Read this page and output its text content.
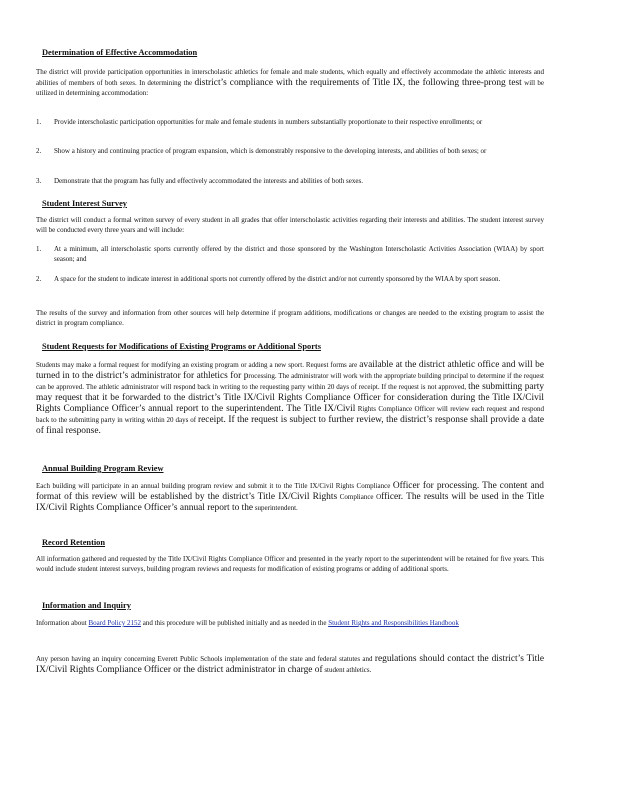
Determination of Effective Accommodation
The district will provide participation opportunities in interscholastic athletics for female and male students, which equally and effectively accommodate the athletic interests and abilities of members of both sexes. In determining the district’s compliance with the requirements of Title IX, the following three-prong test will be utilized in determining accommodation:
1. Provide interscholastic participation opportunities for male and female students in numbers substantially proportionate to their respective enrollments; or
2. Show a history and continuing practice of program expansion, which is demonstrably responsive to the developing interests, and abilities of both sexes; or
3. Demonstrate that the program has fully and effectively accommodated the interests and abilities of both sexes.
Student Interest Survey
The district will conduct a formal written survey of every student in all grades that offer interscholastic activities regarding their interests and abilities. The student interest survey will be conducted every three years and will include:
1. At a minimum, all interscholastic sports currently offered by the district and those sponsored by the Washington Interscholastic Activities Association (WIAA) by sport season; and
2. A space for the student to indicate interest in additional sports not currently offered by the district and/or not currently sponsored by the WIAA by sport season.
The results of the survey and information from other sources will help determine if program additions, modifications or changes are needed to the existing program to assist the district in program compliance.
Student Requests for Modifications of Existing Programs or Additional Sports
Students may make a formal request for modifying an existing program or adding a new sport. Request forms are available at the district athletic office and will be turned in to the district’s administrator for athletics for processing. The administrator will work with the appropriate building principal to determine if the request can be approved. The athletic administrator will respond back in writing to the requesting party within 20 days of receipt. If the request is not approved, the submitting party may request that it be forwarded to the district’s Title IX/Civil Rights Compliance Officer for consideration during the Title IX/Civil Rights Compliance Officer’s annual report to the superintendent. The Title IX/Civil Rights Compliance Officer will review each request and respond back to the submitting party in writing within 20 days of receipt. If the request is subject to further review, the district’s response shall provide a date of final response.
Annual Building Program Review
Each building will participate in an annual building program review and submit it to the Title IX/Civil Rights Compliance Officer for processing. The content and format of this review will be established by the district’s Title IX/Civil Rights Compliance Officer. The results will be used in the Title IX/Civil Rights Compliance Officer’s annual report to the superintendent.
Record Retention
All information gathered and requested by the Title IX/Civil Rights Compliance Officer and presented in the yearly report to the superintendent will be retained for five years. This would include student interest surveys, building program reviews and requests for modification of existing programs or adding of additional sports.
Information and Inquiry
Information about Board Policy 2152 and this procedure will be published initially and as needed in the Student Rights and Responsibilities Handbook
Any person having an inquiry concerning Everett Public Schools implementation of the state and federal statutes and regulations should contact the district’s Title IX/Civil Rights Compliance Officer or the district administrator in charge of student athletics.
